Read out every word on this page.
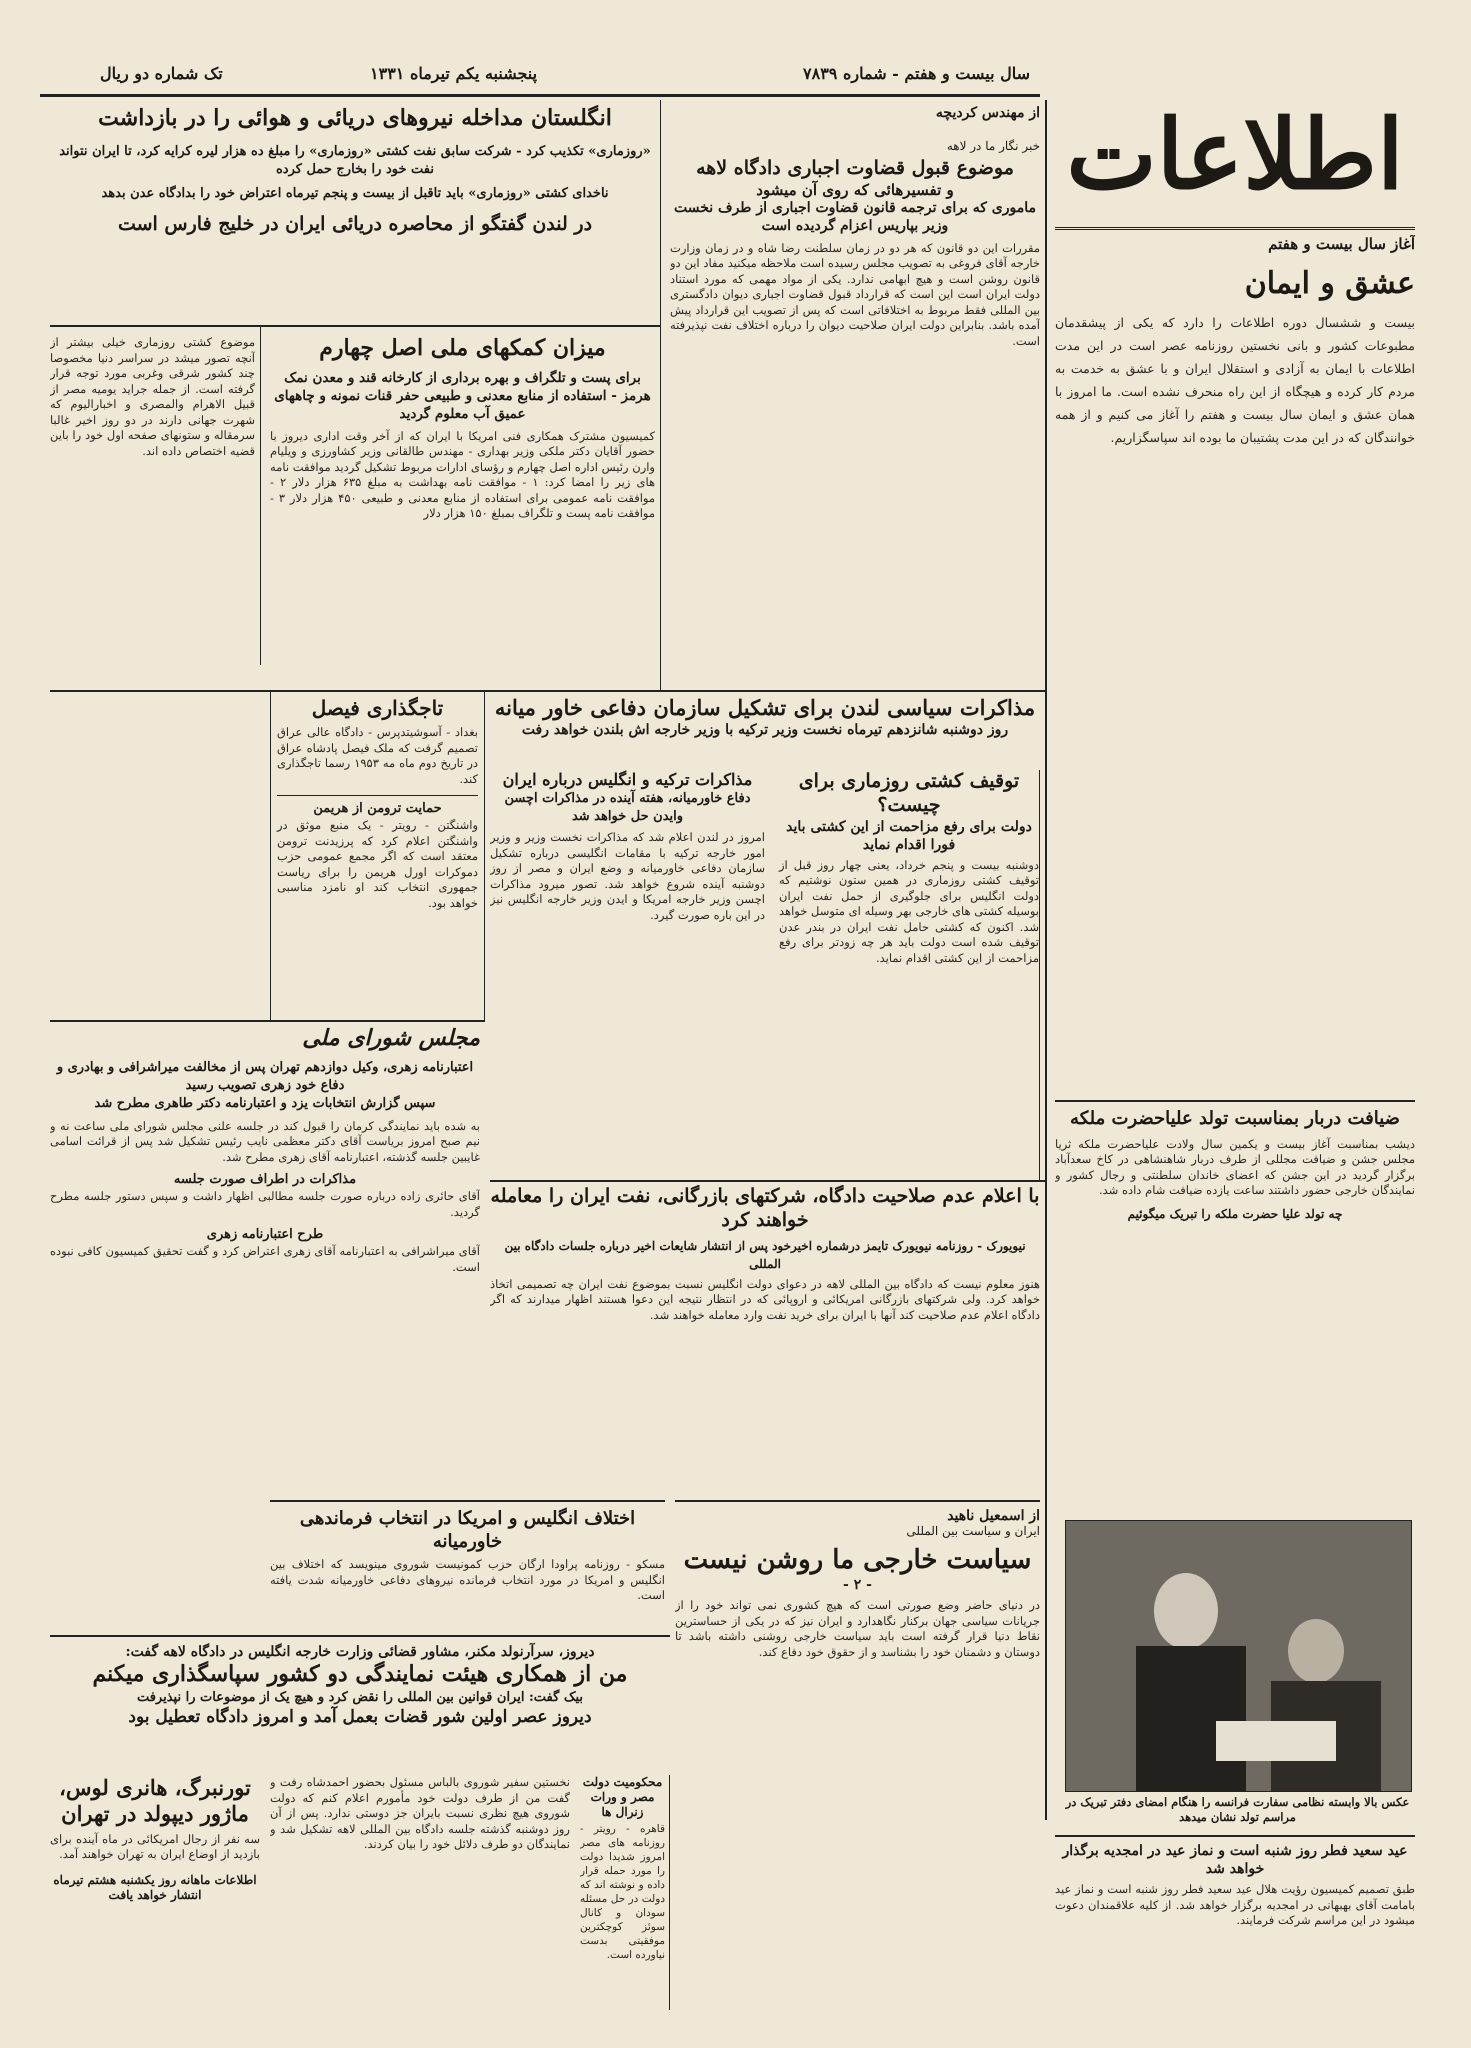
سال بیست و هفتم - شماره ۷۸۳۹
پنجشنبه یکم تیرماه ۱۳۳۱
تک شماره دو ریال
اطلاعات
آغاز سال بیست و هفتم
عشق و ایمان
بیست و ششسال دوره اطلاعات را دارد که یکی از پیشقدمان مطبوعات کشور و بانی نخستین روزنامه عصر است در این مدت اطلاعات با ایمان به آزادی و استقلال ایران و با عشق به خدمت به مردم کار کرده و هیچگاه از این راه منحرف نشده است. ما امروز با همان عشق و ایمان سال بیست و هفتم را آغاز می کنیم و از همه خوانندگان که در این مدت پشتیبان ما بوده اند سپاسگزاریم.
انگلستان مداخله نیروهای دریائی و هوائی را در بازداشت
«روزماری» تکذیب کرد - شرکت سابق نفت کشتی «روزماری» را مبلغ ده هزار لیره کرایه کرد، تا ایران نتواند نفت خود را بخارج حمل کرده
ناخدای کشتی «روزماری» باید تاقبل از بیست و پنجم تیرماه اعتراض خود را بدادگاه عدن بدهد
در لندن گفتگو از محاصره دریائی ایران در خلیج فارس است
موضوع کشتی روزماری خیلی بیشتر از آنچه تصور میشد در سراسر دنیا مخصوصا چند کشور شرقی وغربی مورد توجه قرار گرفته است. از جمله جراید یومیه مصر از قبیل الاهرام والمصری و اخبارالیوم که شهرت جهانی دارند در دو روز اخیر غالبا سرمقاله و ستونهای صفحه اول خود را باین قضیه اختصاص داده اند.
میزان کمکهای ملی اصل چهارم
برای پست و تلگراف و بهره برداری از کارخانه قند و معدن نمک هرمز - استفاده از منابع معدنی و طبیعی حفر قنات نمونه و چاههای عمیق آب معلوم گردید
کمیسیون مشترک همکاری فنی امریکا با ایران که از آخر وقت اداری دیروز با حضور آقایان دکتر ملکی وزیر بهداری - مهندس طالقانی وزیر کشاورزی و ویلیام وارن رئیس اداره اصل چهارم و رؤسای ادارات مربوط تشکیل گردید موافقت نامه های زیر را امضا کرد: ۱ - موافقت نامه بهداشت به مبلغ ۶۳۵ هزار دلار ۲ - موافقت نامه عمومی برای استفاده از منابع معدنی و طبیعی ۴۵۰ هزار دلار ۳ - موافقت نامه پست و تلگراف بمبلغ ۱۵۰ هزار دلار
از مهندس کردیچه
خبر نگار ما در لاهه
موضوع قبول قضاوت اجباری دادگاه لاهه
و تفسیرهائی که روی آن میشود
ماموری که برای ترجمه قانون قضاوت اجباری از طرف نخست وزیر بپاریس اعزام گردیده است
مقررات این دو قانون که هر دو در زمان سلطنت رضا شاه و در زمان وزارت خارجه آقای فروغی به تصویب مجلس رسیده است ملاحظه میکنید مفاد این دو قانون روشن است و هیچ ابهامی ندارد. یکی از مواد مهمی که مورد استناد دولت ایران است این است که قرارداد قبول قضاوت اجباری دیوان دادگستری بین المللی فقط مربوط به اختلافاتی است که پس از تصویب این قرارداد پیش آمده باشد. بنابراین دولت ایران صلاحیت دیوان را درباره اختلاف نفت نپذیرفته است.
تاجگذاری فیصل
بغداد - آسوشیتدپرس - دادگاه عالی عراق تصمیم گرفت که ملک فیصل پادشاه عراق در تاریخ دوم ماه مه ۱۹۵۳ رسما تاجگذاری کند.
حمایت ترومن از هریمن
واشنگتن - رویتر - یک منبع موثق در واشنگتن اعلام کرد که پرزیدنت ترومن معتقد است که اگر مجمع عمومی حزب دموکرات اورل هریمن را برای ریاست جمهوری انتخاب کند او نامزد مناسبی خواهد بود.
مذاکرات سیاسی لندن برای تشکیل سازمان دفاعی خاور میانه
روز دوشنبه شانزدهم تیرماه نخست وزیر ترکیه با وزیر خارجه اش بلندن خواهد رفت
مذاکرات ترکیه و انگلیس درباره ایران
دفاع خاورمیانه، هفته آینده در مذاکرات اچسن وایدن حل خواهد شد
امروز در لندن اعلام شد که مذاکرات نخست وزیر و وزیر امور خارجه ترکیه با مقامات انگلیسی درباره تشکیل سازمان دفاعی خاورمیانه و وضع ایران و مصر از روز دوشنبه آینده شروع خواهد شد. تصور میرود مذاکرات اچسن وزیر خارجه امریکا و ایدن وزیر خارجه انگلیس نیز در این باره صورت گیرد.
توقیف کشتی روزماری برای چیست؟
دولت برای رفع مزاحمت از این کشتی باید فورا اقدام نماید
دوشنبه بیست و پنجم خرداد، یعنی چهار روز قبل از توقیف کشتی روزماری در همین ستون نوشتیم که دولت انگلیس برای جلوگیری از حمل نفت ایران بوسیله کشتی های خارجی بهر وسیله ای متوسل خواهد شد. اکنون که کشتی حامل نفت ایران در بندر عدن توقیف شده است دولت باید هر چه زودتر برای رفع مزاحمت از این کشتی اقدام نماید.
مجلس شورای ملی
اعتبارنامه زهری، وکیل دوازدهم تهران پس از مخالفت میراشرافی و بهادری و دفاع خود زهری تصویب رسید
سپس گزارش انتخابات یزد و اعتبارنامه دکتر طاهری مطرح شد
به شده باید نمایندگی کرمان را قبول کند در جلسه علنی مجلس شورای ملی ساعت نه و نیم صبح امروز بریاست آقای دکتر معظمی نایب رئیس تشکیل شد پس از قرائت اسامی غایبین جلسه گذشته، اعتبارنامه آقای زهری مطرح شد.
مذاکرات در اطراف صورت جلسه
آقای حائری زاده درباره صورت جلسه مطالبی اظهار داشت و سپس دستور جلسه مطرح گردید.
طرح اعتبارنامه زهری
آقای میراشرافی به اعتبارنامه آقای زهری اعتراض کرد و گفت تحقیق کمیسیون کافی نبوده است.
با اعلام عدم صلاحیت دادگاه، شرکتهای بازرگانی، نفت ایران را معامله خواهند کرد
نیویورک - روزنامه نیویورک تایمز درشماره اخیرخود پس از انتشار شایعات اخیر درباره جلسات دادگاه بین المللی
هنوز معلوم نیست که دادگاه بین المللی لاهه در دعوای دولت انگلیس نسبت بموضوع نفت ایران چه تصمیمی اتخاذ خواهد کرد. ولی شرکتهای بازرگانی امریکائی و اروپائی که در انتظار نتیجه این دعوا هستند اظهار میدارند که اگر دادگاه اعلام عدم صلاحیت کند آنها با ایران برای خرید نفت وارد معامله خواهند شد.
ضیافت دربار بمناسبت تولد علیاحضرت ملکه
دیشب بمناسبت آغاز بیست و یکمین سال ولادت علیاحضرت ملکه ثریا مجلس جشن و ضیافت مجللی از طرف دربار شاهنشاهی در کاخ سعدآباد برگزار گردید در این جشن که اعضای خاندان سلطنتی و رجال کشور و نمایندگان خارجی حضور داشتند ساعت یازده ضیافت شام داده شد.
چه تولد علیا حضرت ملکه را تبریک میگوئیم
اختلاف انگلیس و امریکا در انتخاب فرماندهی خاورمیانه
مسکو - روزنامه پراودا ارگان حزب کمونیست شوروی مینویسد که اختلاف بین انگلیس و امریکا در مورد انتخاب فرمانده نیروهای دفاعی خاورمیانه شدت یافته است.
از اسمعیل ناهید
ایران و سیاست بین المللی
سیاست خارجی ما روشن نیست
- ۲ -
در دنیای حاضر وضع صورتی است که هیچ کشوری نمی تواند خود را از جریانات سیاسی جهان برکنار نگاهدارد و ایران نیز که در یکی از حساسترین نقاط دنیا قرار گرفته است باید سیاست خارجی روشنی داشته باشد تا دوستان و دشمنان خود را بشناسد و از حقوق خود دفاع کند.
عکس بالا وابسته نظامی سفارت فرانسه را هنگام امضای دفتر تبریک در مراسم تولد نشان میدهد
عید سعید فطر روز شنبه است و نماز عید در امجدیه برگذار خواهد شد
طبق تصمیم کمیسیون رؤیت هلال عید سعید فطر روز شنبه است و نماز عید بامامت آقای بهبهانی در امجدیه برگزار خواهد شد. از کلیه علاقمندان دعوت میشود در این مراسم شرکت فرمایند.
دیروز، سرآرنولد مکنر، مشاور قضائی وزارت خارجه انگلیس در دادگاه لاهه گفت:
من از همکاری هیئت نمایندگی دو کشور سپاسگذاری میکنم
بیک گفت: ایران قوانین بین المللی را نقض کرد و هیچ یک از موضوعات را نپذیرفت
دیروز عصر اولین شور قضات بعمل آمد و امروز دادگاه تعطیل بود
نخستین سفیر شوروی بالباس مسئول بحضور احمدشاه رفت و گفت من از طرف دولت خود مأمورم اعلام کنم که دولت شوروی هیچ نظری نسبت بایران جز دوستی ندارد. پس از آن روز دوشنبه گذشته جلسه دادگاه بین المللی لاهه تشکیل شد و نمایندگان دو طرف دلائل خود را بیان کردند.
محکومیت دولت مصر و ورات زنرال ها
قاهره - رویتر - روزنامه های مصر امروز شدیدا دولت را مورد حمله قرار داده و نوشته اند که دولت در حل مسئله سودان و کانال سوئز کوچکترین موفقیتی بدست نیاورده است.
تورنبرگ، هانری لوس، ماژور دیپولد در تهران
سه نفر از رجال امریکائی در ماه آینده برای بازدید از اوضاع ایران به تهران خواهند آمد.
اطلاعات ماهانه روز یکشنبه هشتم تیرماه انتشار خواهد یافت
